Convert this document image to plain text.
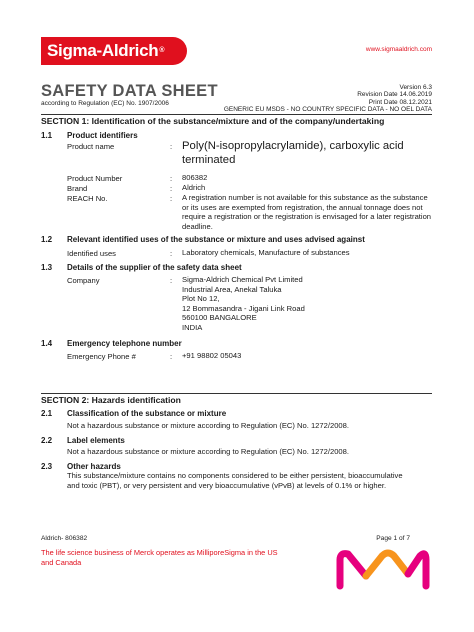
Sigma-Aldrich®	www.sigmaaldrich.com
SAFETY DATA SHEET
according to Regulation (EC) No. 1907/2006
Version 6.3
Revision Date 14.06.2019
Print Date 08.12.2021
GENERIC EU MSDS - NO COUNTRY SPECIFIC DATA - NO OEL DATA
SECTION 1: Identification of the substance/mixture and of the company/undertaking
1.1 Product identifiers
Product name	: Poly(N-isopropylacrylamide), carboxylic acid terminated
Product Number	: 806382
Brand	: Aldrich
REACH No.	: A registration number is not available for this substance as the substance or its uses are exempted from registration, the annual tonnage does not require a registration or the registration is envisaged for a later registration deadline.
1.2 Relevant identified uses of the substance or mixture and uses advised against
Identified uses	: Laboratory chemicals, Manufacture of substances
1.3 Details of the supplier of the safety data sheet
Company	: Sigma-Aldrich Chemical Pvt Limited
Industrial Area, Anekal Taluka
Plot No 12,
12 Bommasandra - Jigani Link Road
560100 BANGALORE
INDIA
1.4 Emergency telephone number
Emergency Phone #	: +91 98802 05043
SECTION 2: Hazards identification
2.1 Classification of the substance or mixture
Not a hazardous substance or mixture according to Regulation (EC) No. 1272/2008.
2.2 Label elements
Not a hazardous substance or mixture according to Regulation (EC) No. 1272/2008.
2.3 Other hazards
This substance/mixture contains no components considered to be either persistent, bioaccumulative and toxic (PBT), or very persistent and very bioaccumulative (vPvB) at levels of 0.1% or higher.
Aldrich- 806382	Page 1 of 7
The life science business of Merck operates as MilliporeSigma in the US and Canada
